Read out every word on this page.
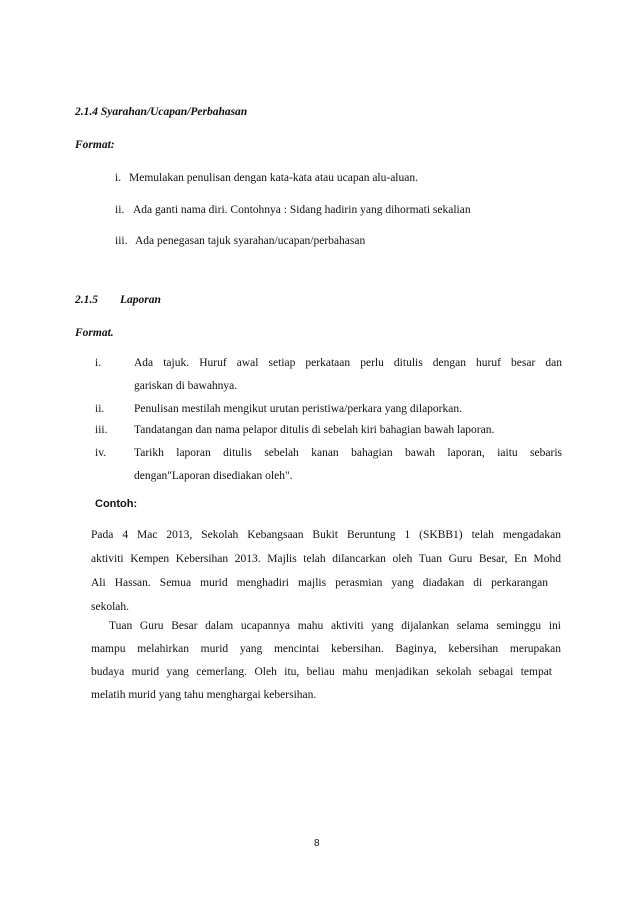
2.1.4 Syarahan/Ucapan/Perbahasan
Format:
i. Memulakan penulisan dengan kata-kata atau ucapan alu-aluan.
ii. Ada ganti nama diri. Contohnya : Sidang hadirin yang dihormati sekalian
iii. Ada penegasan tajuk syarahan/ucapan/perbahasan
2.1.5 Laporan
Format.
i.	Ada tajuk. Huruf awal setiap perkataan perlu ditulis dengan huruf besar dan
gariskan di bawahnya.
ii.	Penulisan mestilah mengikut urutan peristiwa/perkara yang dilaporkan.
iii. Tandatangan dan nama pelapor ditulis di sebelah kiri bahagian bawah laporan.
iv. Tarikh laporan ditulis sebelah kanan bahagian bawah laporan, iaitu sebaris
dengan"Laporan disediakan oleh".
Contoh:
Pada 4 Mac 2013, Sekolah Kebangsaan Bukit Beruntung 1 (SKBB1) telah mengadakan
aktiviti Kempen Kebersihan 2013. Majlis telah dilancarkan oleh Tuan Guru Besar, En Mohd
Ali Hassan. Semua murid menghadiri majlis perasmian yang diadakan di perkarangan
sekolah.
Tuan Guru Besar dalam ucapannya mahu aktiviti yang dijalankan selama seminggu ini
mampu melahirkan murid yang mencintai kebersihan. Baginya, kebersihan merupakan
budaya murid yang cemerlang. Oleh itu, beliau mahu menjadikan sekolah sebagai tempat
melatih murid yang tahu menghargai kebersihan.
8
